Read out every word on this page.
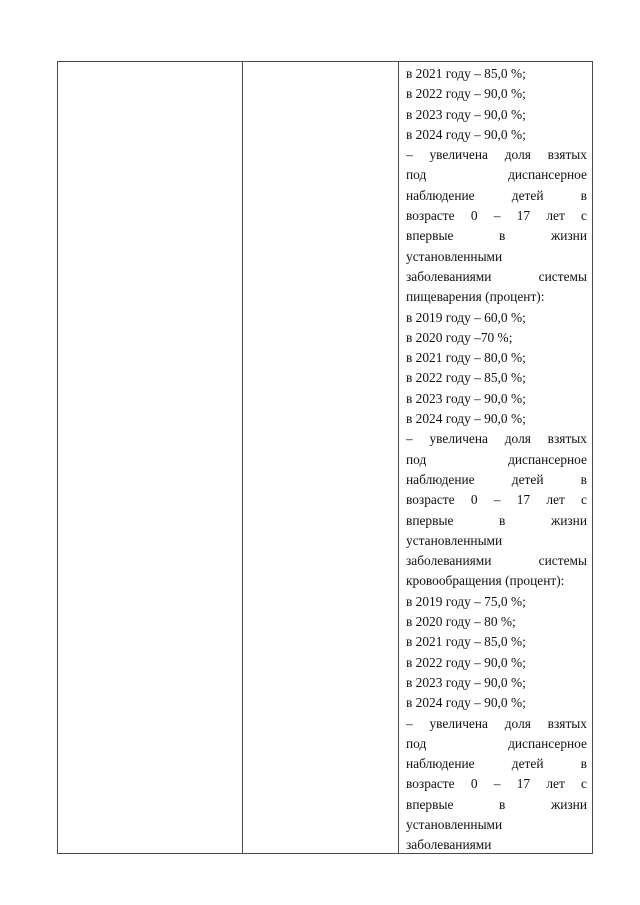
в 2021 году – 85,0 %;
в 2022 году – 90,0 %;
в 2023 году – 90,0 %;
в 2024 году – 90,0 %;
– увеличена доля взятых
под диспансерное
наблюдение детей в
возрасте 0 – 17 лет с
впервые в жизни
установленными
заболеваниями системы
пищеварения (процент):
в 2019 году – 60,0 %;
в 2020 году –70 %;
в 2021 году – 80,0 %;
в 2022 году – 85,0 %;
в 2023 году – 90,0 %;
в 2024 году – 90,0 %;
– увеличена доля взятых
под диспансерное
наблюдение детей в
возрасте 0 – 17 лет с
впервые в жизни
установленными
заболеваниями системы
кровообращения (процент):
в 2019 году – 75,0 %;
в 2020 году – 80 %;
в 2021 году – 85,0 %;
в 2022 году – 90,0 %;
в 2023 году – 90,0 %;
в 2024 году – 90,0 %;
– увеличена доля взятых
под диспансерное
наблюдение детей в
возрасте 0 – 17 лет с
впервые в жизни
установленными
заболеваниями
